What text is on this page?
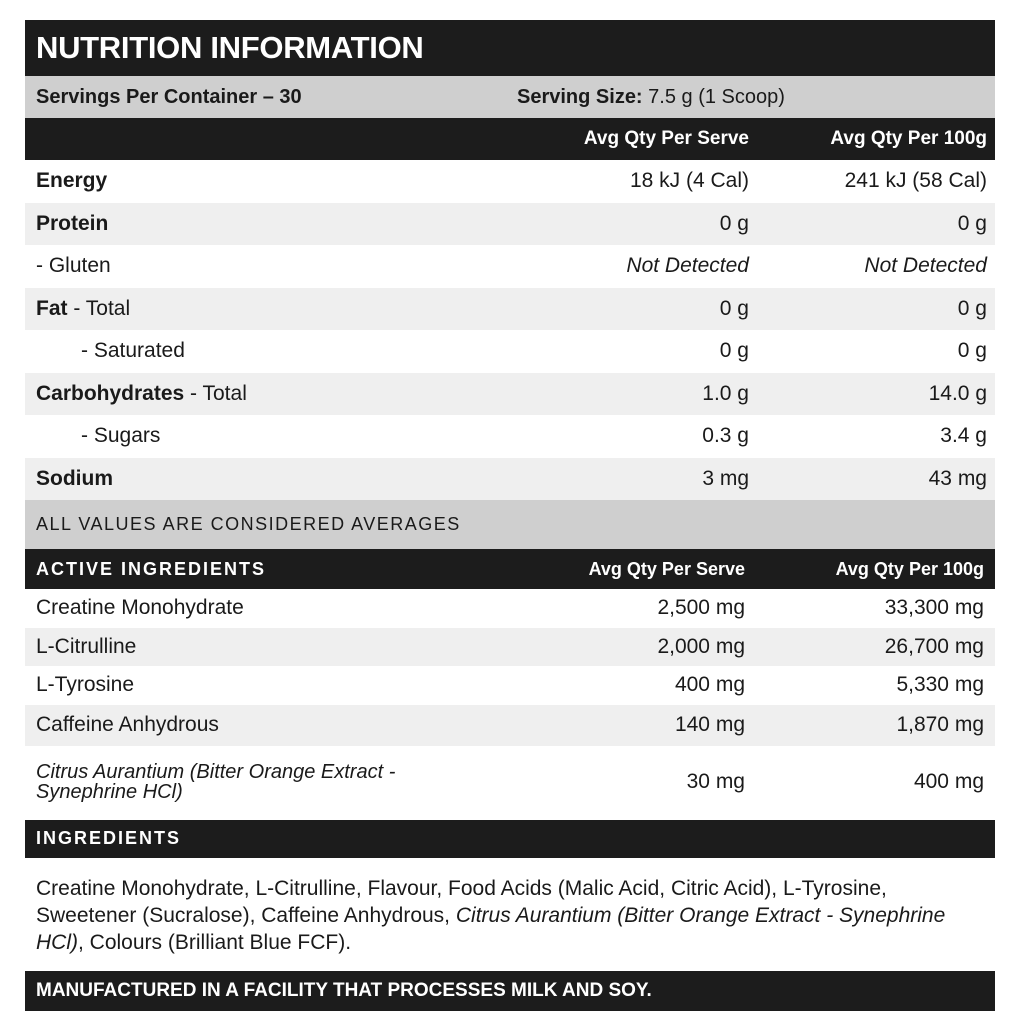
NUTRITION INFORMATION
Servings Per Container – 30	Serving Size: 7.5 g (1 Scoop)
Avg Qty Per Serve	Avg Qty Per 100g
Energy	18 kJ (4 Cal)	241 kJ (58 Cal)
Protein	0 g	0 g
- Gluten	Not Detected	Not Detected
Fat - Total	0 g	0 g
- Saturated	0 g	0 g
Carbohydrates - Total	1.0 g	14.0 g
- Sugars	0.3 g	3.4 g
Sodium	3 mg	43 mg
ALL VALUES ARE CONSIDERED AVERAGES
ACTIVE INGREDIENTS	Avg Qty Per Serve	Avg Qty Per 100g
Creatine Monohydrate	2,500 mg	33,300 mg
L-Citrulline	2,000 mg	26,700 mg
L-Tyrosine	400 mg	5,330 mg
Caffeine Anhydrous	140 mg	1,870 mg
Citrus Aurantium (Bitter Orange Extract -
Synephrine HCl)	30 mg	400 mg
INGREDIENTS
Creatine Monohydrate, L-Citrulline, Flavour, Food Acids (Malic Acid, Citric Acid), L-Tyrosine, Sweetener (Sucralose), Caffeine Anhydrous, Citrus Aurantium (Bitter Orange Extract - Synephrine HCl), Colours (Brilliant Blue FCF).
MANUFACTURED IN A FACILITY THAT PROCESSES MILK AND SOY.
